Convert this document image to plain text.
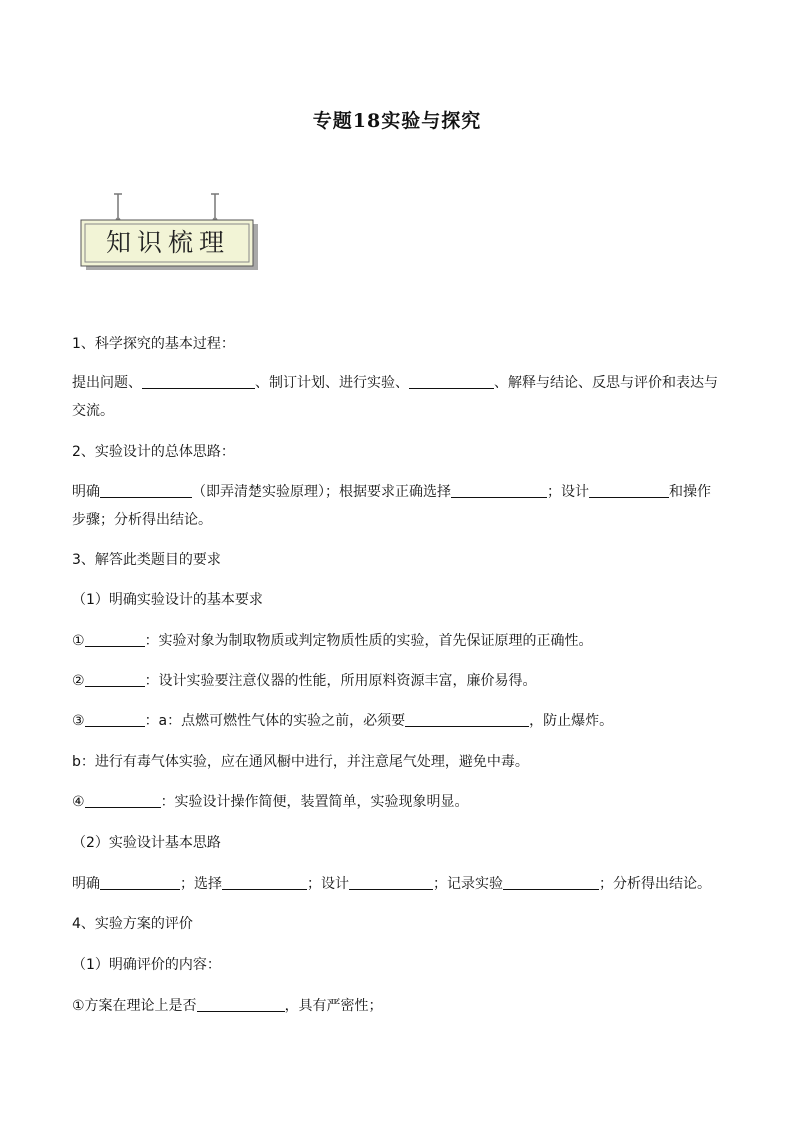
专题18实验与探究
知识梳理
1、科学探究的基本过程：
提出问题、	、制订计划、进行实验、	、解释与结论、反思与评价和表达与
交流。
2、实验设计的总体思路：
明确	（即弄清楚实验原理）；根据要求正确选择	；设计	和操作
步骤；分析得出结论。
3、解答此类题目的要求
（1）明确实验设计的基本要求
①	：实验对象为制取物质或判定物质性质的实验，首先保证原理的正确性。
②	：设计实验要注意仪器的性能，所用原料资源丰富，廉价易得。
③	：a：点燃可燃性气体的实验之前，必须要	，防止爆炸。
b：进行有毒气体实验，应在通风橱中进行，并注意尾气处理，避免中毒。
④	：实验设计操作简便，装置简单，实验现象明显。
（2）实验设计基本思路
明确	；选择	；设计	；记录实验	；分析得出结论。
4、实验方案的评价
（1）明确评价的内容：
①方案在理论上是否	，具有严密性；
